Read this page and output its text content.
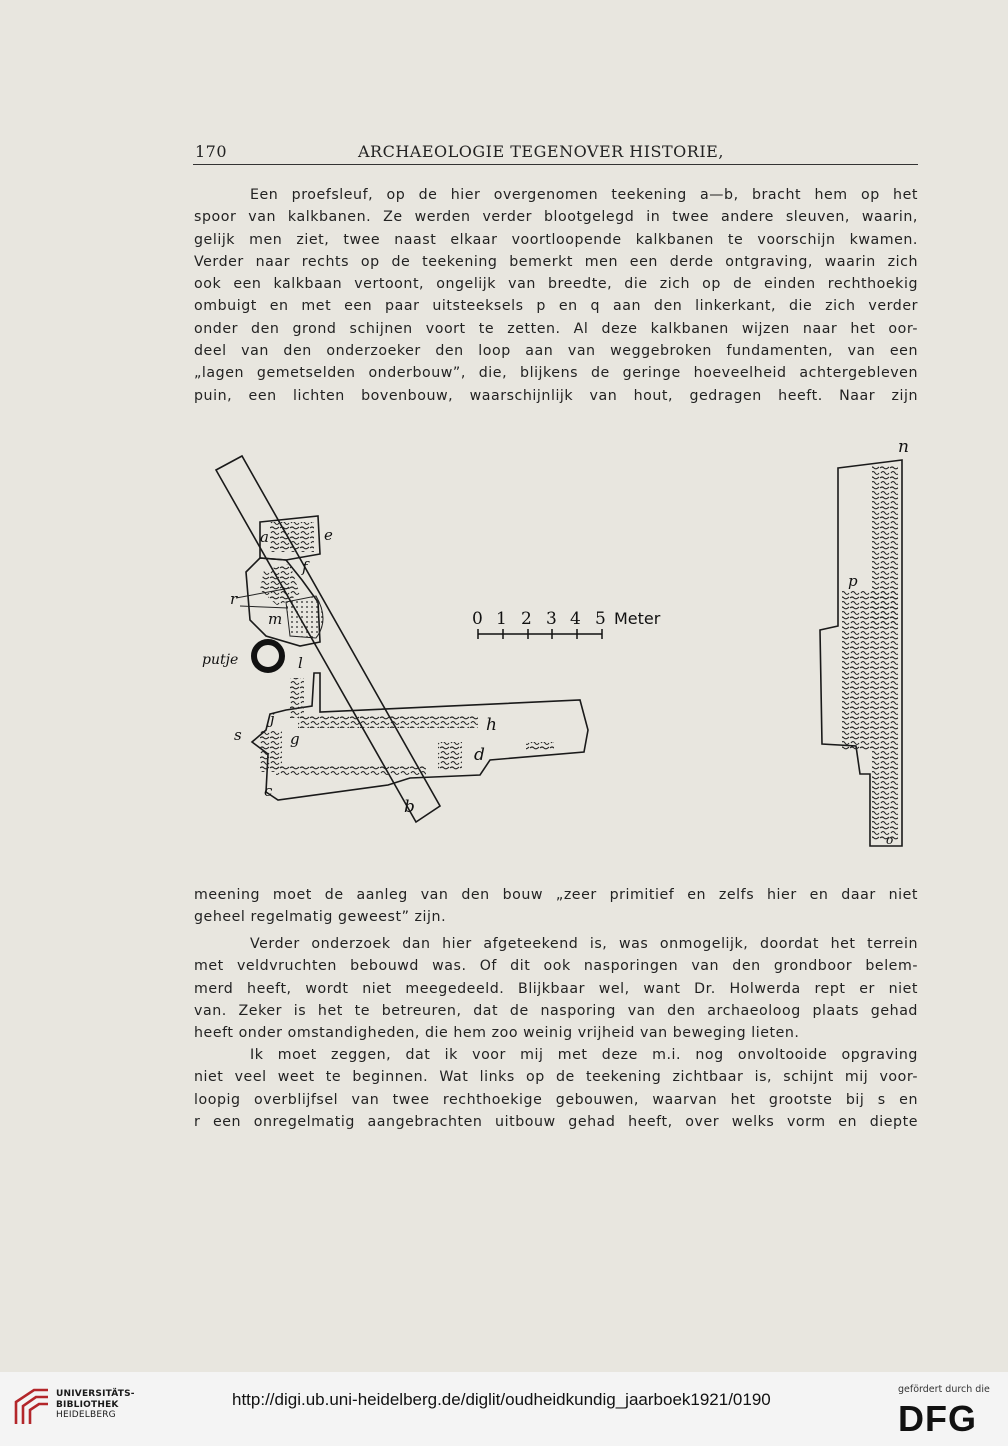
170	ARCHAEOLOGIE TEGENOVER HISTORIE,
Een proefsleuf, op de hier overgenomen teekening a—b, bracht hem op het
spoor van kalkbanen. Ze werden verder blootgelegd in twee andere sleuven, waarin,
gelijk men ziet, twee naast elkaar voortloopende kalkbanen te voorschijn kwamen.
Verder naar rechts op de teekening bemerkt men een derde ontgraving, waarin zich
ook een kalkbaan vertoont, ongelijk van breedte, die zich op de einden rechthoekig
ombuigt en met een paar uitsteeksels p en q aan den linkerkant, die zich verder
onder den grond schijnen voort te zetten. Al deze kalkbanen wijzen naar het oor-
deel van den onderzoeker den loop aan van weggebroken fundamenten, van een
„lagen gemetselden onderbouw”, die, blijkens de geringe hoeveelheid achtergebleven
puin, een lichten bovenbouw, waarschijnlijk van hout, gedragen heeft. Naar zijn
0 1 2 3 4 5 Meter
a	e
f
r
m
putje	l
j
s	g
h
d
c
b
n
p
o
meening moet de aanleg van den bouw „zeer primitief en zelfs hier en daar niet
geheel regelmatig geweest” zijn.
Verder onderzoek dan hier afgeteekend is, was onmogelijk, doordat het terrein
met veldvruchten bebouwd was. Of dit ook nasporingen van den grondboor belem-
merd heeft, wordt niet meegedeeld. Blijkbaar wel, want Dr. Holwerda rept er niet
van. Zeker is het te betreuren, dat de nasporing van den archaeoloog plaats gehad
heeft onder omstandigheden, die hem zoo weinig vrijheid van beweging lieten.
Ik moet zeggen, dat ik voor mij met deze m.i. nog onvoltooide opgraving
niet veel weet te beginnen. Wat links op de teekening zichtbaar is, schijnt mij voor-
loopig overblijfsel van twee rechthoekige gebouwen, waarvan het grootste bij s en
r een onregelmatig aangebrachten uitbouw gehad heeft, over welks vorm en diepte
UNIVERSITÄTS-
BIBLIOTHEK
HEIDELBERG
http://digi.ub.uni-heidelberg.de/diglit/oudheidkundig_jaarboek1921/0190
gefördert durch die
DFG
